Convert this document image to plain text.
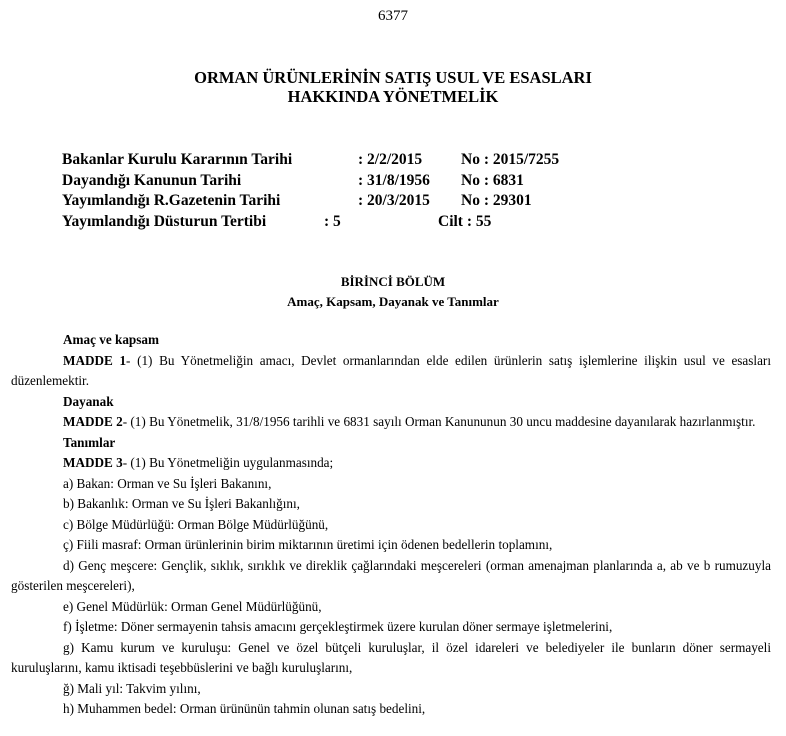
6377
ORMAN ÜRÜNLERİNİN SATIŞ USUL VE ESASLARI
HAKKINDA YÖNETMELİK
Bakanlar Kurulu Kararının Tarihi	: 2/2/2015	No : 2015/7255
Dayandığı Kanunun Tarihi	: 31/8/1956 No : 6831
Yayımlandığı R.Gazetenin Tarihi	: 20/3/2015 No : 29301
Yayımlandığı Düsturun Tertibi	: 5	Cilt : 55
BİRİNCİ BÖLÜM
Amaç, Kapsam, Dayanak ve Tanımlar

Amaç ve kapsam

MADDE 1- (1) Bu Yönetmeliğin amacı, Devlet ormanlarından elde edilen ürünlerin satış işlemlerine ilişkin usul ve esasları düzenlemektir.

Dayanak

MADDE 2- (1) Bu Yönetmelik, 31/8/1956 tarihli ve 6831 sayılı Orman Kanununun 30 uncu maddesine dayanılarak hazırlanmıştır.

Tanımlar

MADDE 3- (1) Bu Yönetmeliğin uygulanmasında;

a) Bakan: Orman ve Su İşleri Bakanını,

b) Bakanlık: Orman ve Su İşleri Bakanlığını,

c) Bölge Müdürlüğü: Orman Bölge Müdürlüğünü,

ç) Fiili masraf: Orman ürünlerinin birim miktarının üretimi için ödenen bedellerin toplamını,

d) Genç meşcere: Gençlik, sıklık, sırıklık ve direklik çağlarındaki meşcereleri (orman amenajman planlarında a, ab ve b rumuzuyla gösterilen meşcereleri),

e) Genel Müdürlük: Orman Genel Müdürlüğünü,

f) İşletme: Döner sermayenin tahsis amacını gerçekleştirmek üzere kurulan döner sermaye işletmelerini,

g) Kamu kurum ve kuruluşu: Genel ve özel bütçeli kuruluşlar, il özel idareleri ve belediyeler ile bunların döner sermayeli kuruluşlarını, kamu iktisadi teşebbüslerini ve bağlı kuruluşlarını,

ğ) Mali yıl: Takvim yılını,

h) Muhammen bedel: Orman ürününün tahmin olunan satış bedelini,
